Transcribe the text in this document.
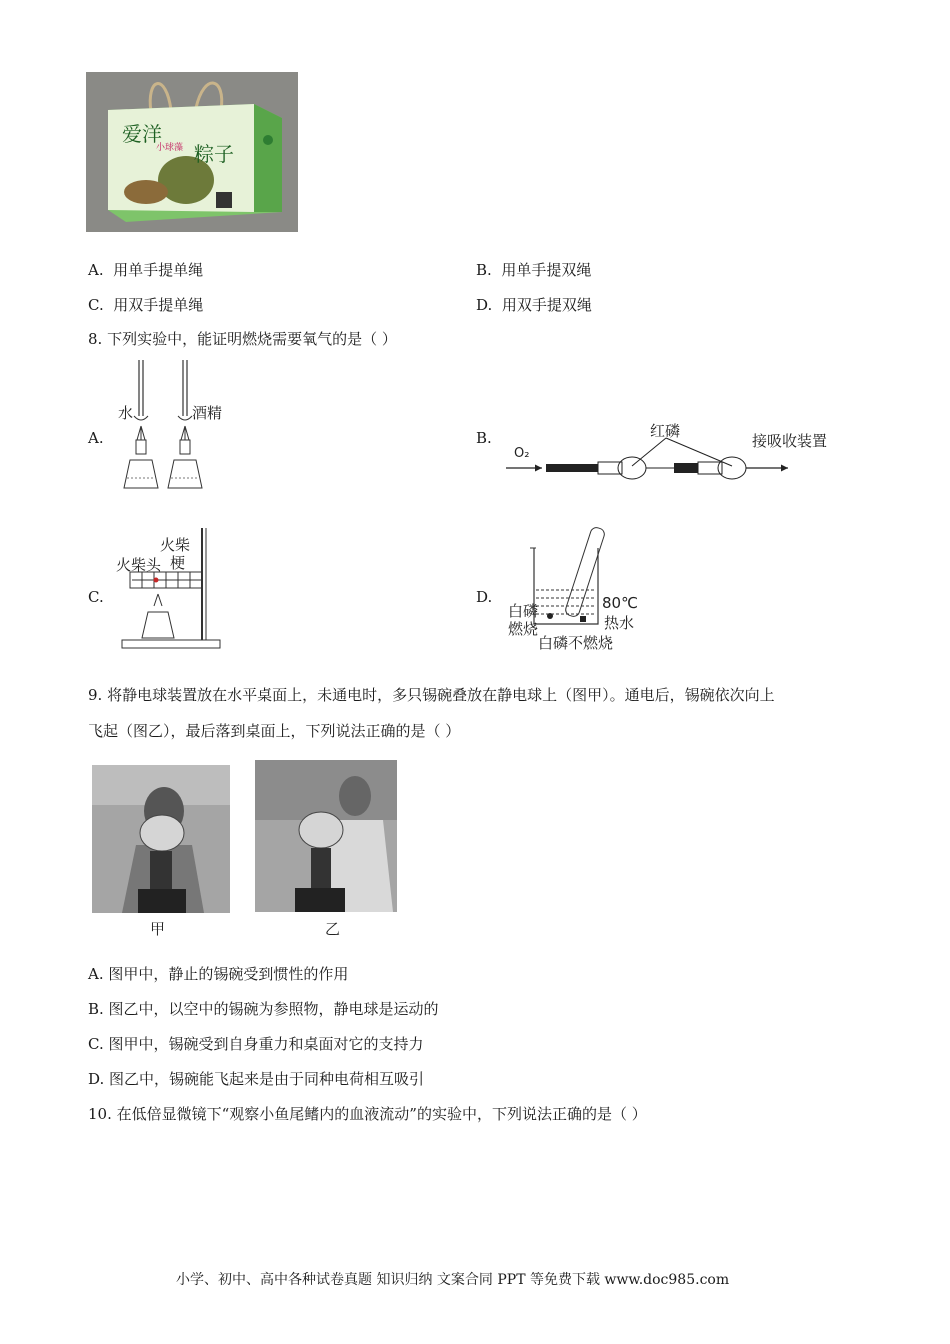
爱洋
小球藻 粽子
A. 用单手提单绳	B. 用单手提双绳
C. 用双手提单绳	D. 用双手提双绳
8. 下列实验中，能证明燃烧需要氧气的是（ ）
A.
水	酒精
B.	红磷
接吸收装置
O₂
C.
火柴
梗
火柴头
D.
白磷
燃烧
80℃
热水
白磷不燃烧
9. 将静电球装置放在水平桌面上，未通电时，多只锡碗叠放在静电球上（图甲）。通电后，锡碗依次向上
飞起（图乙），最后落到桌面上，下列说法正确的是（ ）
甲	乙
A. 图甲中，静止的锡碗受到惯性的作用
B. 图乙中，以空中的锡碗为参照物，静电球是运动的
C. 图甲中，锡碗受到自身重力和桌面对它的支持力
D. 图乙中，锡碗能飞起来是由于同种电荷相互吸引
10. 在低倍显微镜下“观察小鱼尾鳍内的血液流动”的实验中，下列说法正确的是（ ）
小学、初中、高中各种试卷真题 知识归纳 文案合同 PPT 等免费下载 www.doc985.com
